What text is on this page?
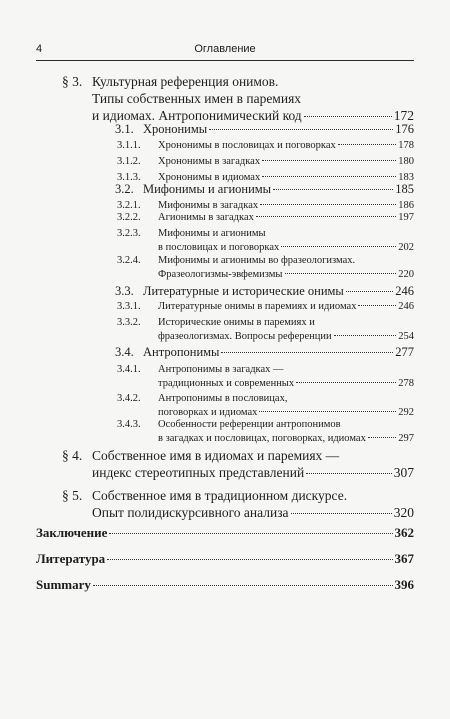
4	Оглавление
§ 3. Культурная референция онимов.
Типы собственных имен в паремиях
и идиомах. Антропонимический код	172
3.1. Хрононимы	176
3.1.1. Хрононимы в пословицах и поговорках	178
3.1.2. Хрононимы в загадках	180
3.1.3. Хрононимы в идиомах	183
3.2. Мифонимы и агионимы	185
3.2.1. Мифонимы в загадках	186
3.2.2. Агионимы в загадках	197
3.2.3. Мифонимы и агионимы
в пословицах и поговорках	202
3.2.4. Мифонимы и агионимы во фразеологизмах.
Фразеологизмы-эвфемизмы	220
3.3. Литературные и исторические онимы	246
3.3.1. Литературные онимы в паремиях и идиомах	246
3.3.2. Исторические онимы в паремиях и
фразеологизмах. Вопросы референции	254
3.4. Антропонимы	277
3.4.1. Антропонимы в загадках —
традиционных и современных	278
3.4.2. Антропонимы в пословицах,
поговорках и идиомах	292
3.4.3. Особенности референции антропонимов
в загадках и пословицах, поговорках, идиомах	297
§ 4. Собственное имя в идиомах и паремиях —
индекс стереотипных представлений	307
§ 5. Собственное имя в традиционном дискурсе.
Опыт полидискурсивного анализа	320
Заключение	362
Литература	367
Summary	396
